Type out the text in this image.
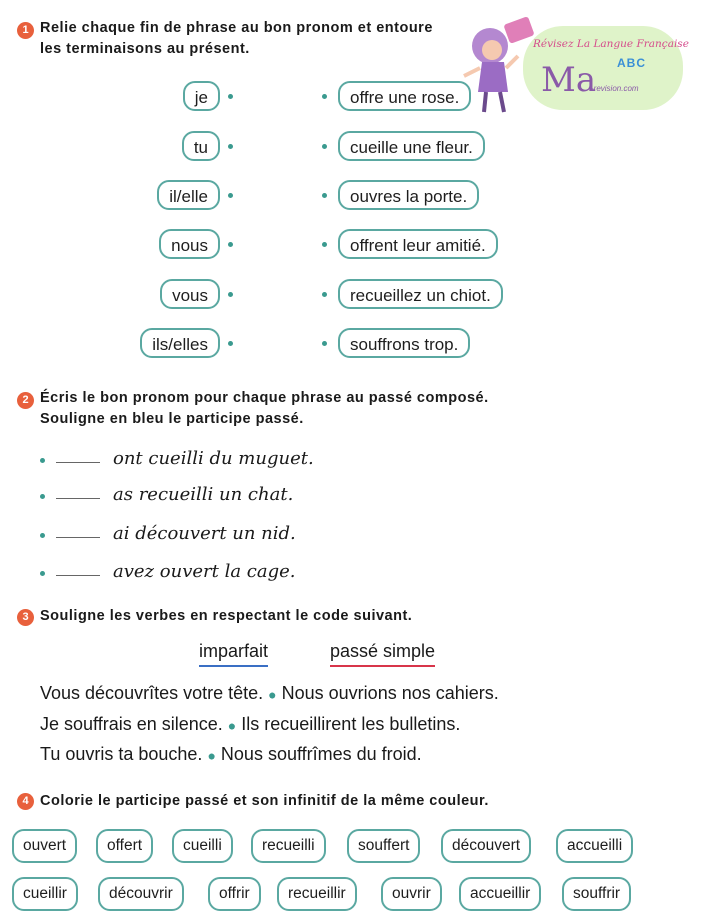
Révisez La Langue Française
Ma ABC
-revision.com
1 Relie chaque fin de phrase au bon pronom et entoure
les terminaisons au présent.
je
tu
il/elle
nous
vous
ils/elles
offre une rose.
cueille une fleur.
ouvres la porte.
offrent leur amitié.
recueillez un chiot.
souffrons trop.
2 Écris le bon pronom pour chaque phrase au passé composé.
Souligne en bleu le participe passé.
ont cueilli du muguet.
as recueilli un chat.
ai découvert un nid.
avez ouvert la cage.
3 Souligne les verbes en respectant le code suivant.
imparfait	passé simple
Vous découvrîtes votre tête. ● Nous ouvrions nos cahiers.
Je souffrais en silence. ● Ils recueillirent les bulletins.
Tu ouvris ta bouche. ● Nous souffrîmes du froid.
4 Colorie le participe passé et son infinitif de la même couleur.
ouvert	offert	cueilli	recueilli	souffert	découvert	accueilli
cueillir	découvrir	offrir	recueillir	ouvrir	accueillir	souffrir
